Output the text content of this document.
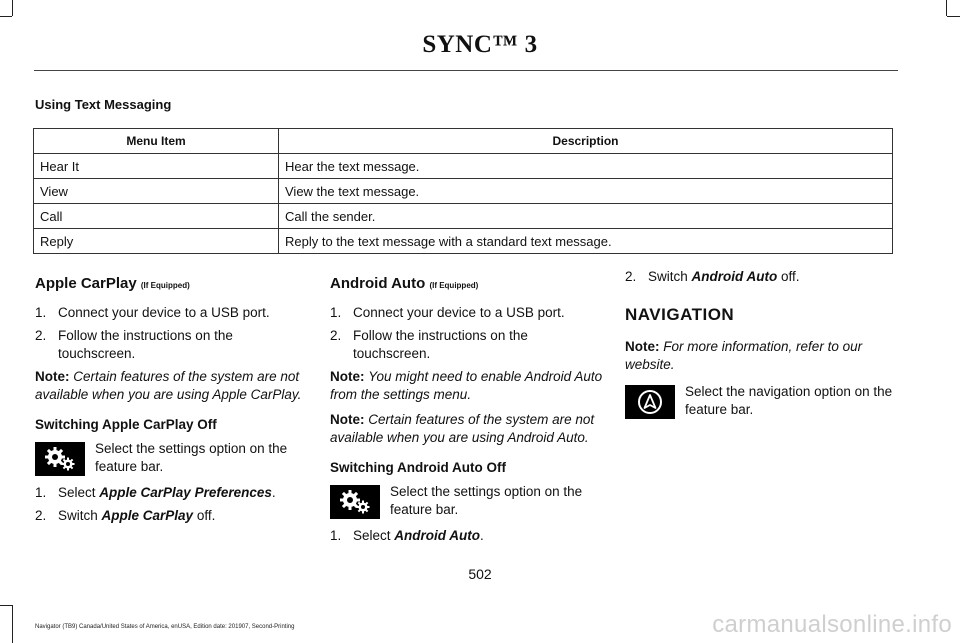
SYNC™ 3
Using Text Messaging
Menu Item	Description
Hear It	Hear the text message.
View	View the text message.
Call	Call the sender.
Reply	Reply to the text message with a standard text message.
Apple CarPlay (If Equipped)
1. Connect your device to a USB port.
2. Follow the instructions on the touchscreen.
Note: Certain features of the system are not available when you are using Apple CarPlay.
Switching Apple CarPlay Off
Select the settings option on the feature bar.
1. Select Apple CarPlay Preferences.
2. Switch Apple CarPlay off.
Android Auto (If Equipped)
1. Connect your device to a USB port.
2. Follow the instructions on the touchscreen.
Note: You might need to enable Android Auto from the settings menu.
Note: Certain features of the system are not available when you are using Android Auto.
Switching Android Auto Off
Select the settings option on the feature bar.
1. Select Android Auto.
2. Switch Android Auto off.
NAVIGATION
Note: For more information, refer to our website.
Select the navigation option on the feature bar.
502
Navigator (TB9) Canada/United States of America, enUSA, Edition date: 201907, Second-Printing	carmanualsonline.info
